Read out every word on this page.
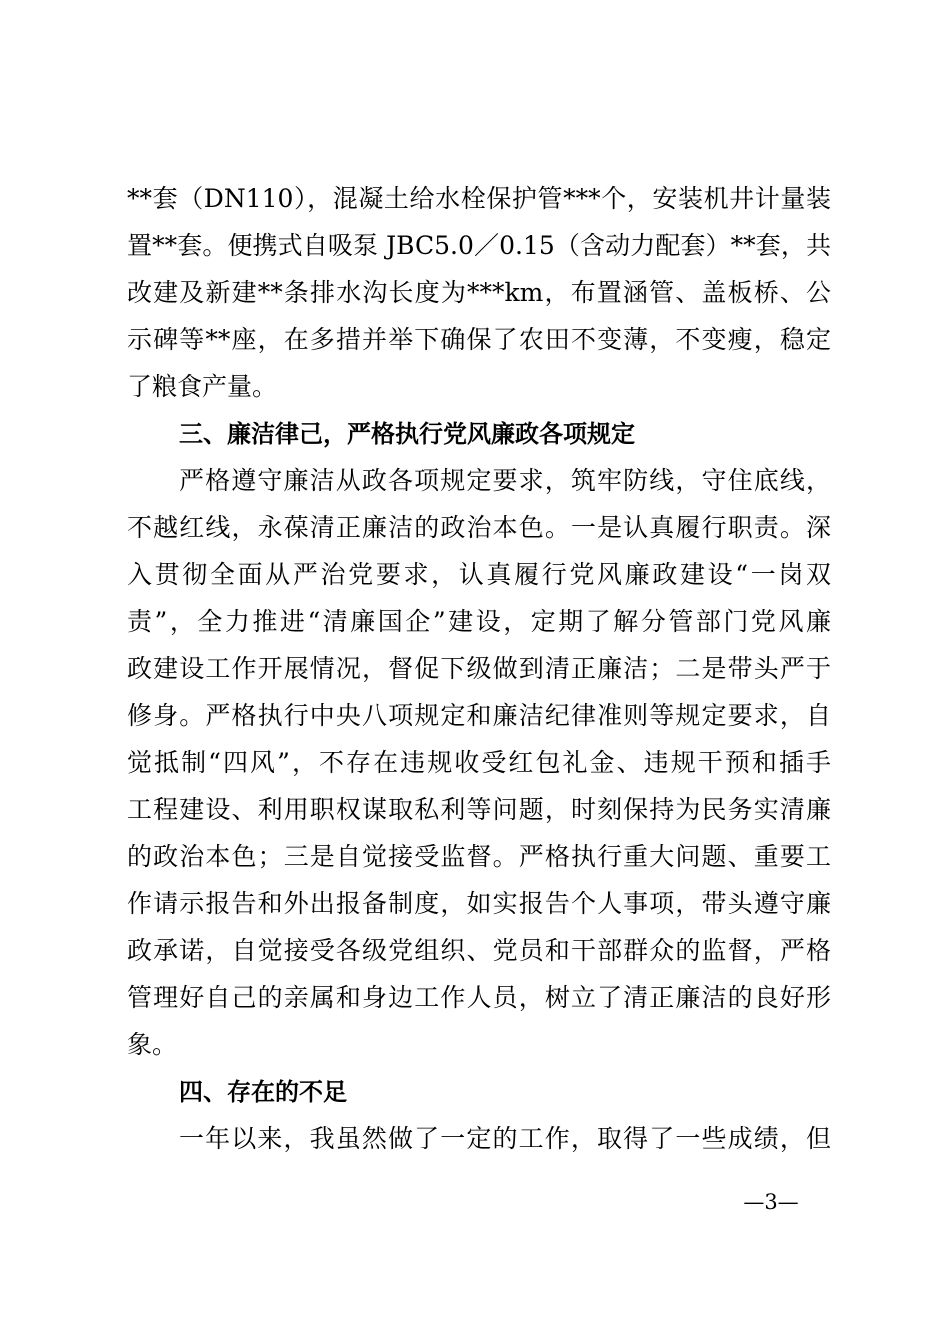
**套（DN110），混凝土给水栓保护管***个，安装机井计量装
置**套。便携式自吸泵 JBC5.0／0.15（含动力配套）**套，共
改建及新建**条排水沟长度为***km，布置涵管、盖板桥、公
示碑等**座，在多措并举下确保了农田不变薄，不变瘦，稳定
了粮食产量。
三、廉洁律己，严格执行党风廉政各项规定
严格遵守廉洁从政各项规定要求，筑牢防线，守住底线，
不越红线，永葆清正廉洁的政治本色。一是认真履行职责。深
入贯彻全面从严治党要求，认真履行党风廉政建设“一岗双
责”，全力推进“清廉国企”建设，定期了解分管部门党风廉
政建设工作开展情况，督促下级做到清正廉洁；二是带头严于
修身。严格执行中央八项规定和廉洁纪律准则等规定要求，自
觉抵制“四风”，不存在违规收受红包礼金、违规干预和插手
工程建设、利用职权谋取私利等问题，时刻保持为民务实清廉
的政治本色；三是自觉接受监督。严格执行重大问题、重要工
作请示报告和外出报备制度，如实报告个人事项，带头遵守廉
政承诺，自觉接受各级党组织、党员和干部群众的监督，严格
管理好自己的亲属和身边工作人员，树立了清正廉洁的良好形
象。
四、存在的不足
一年以来，我虽然做了一定的工作，取得了一些成绩，但
—3—
